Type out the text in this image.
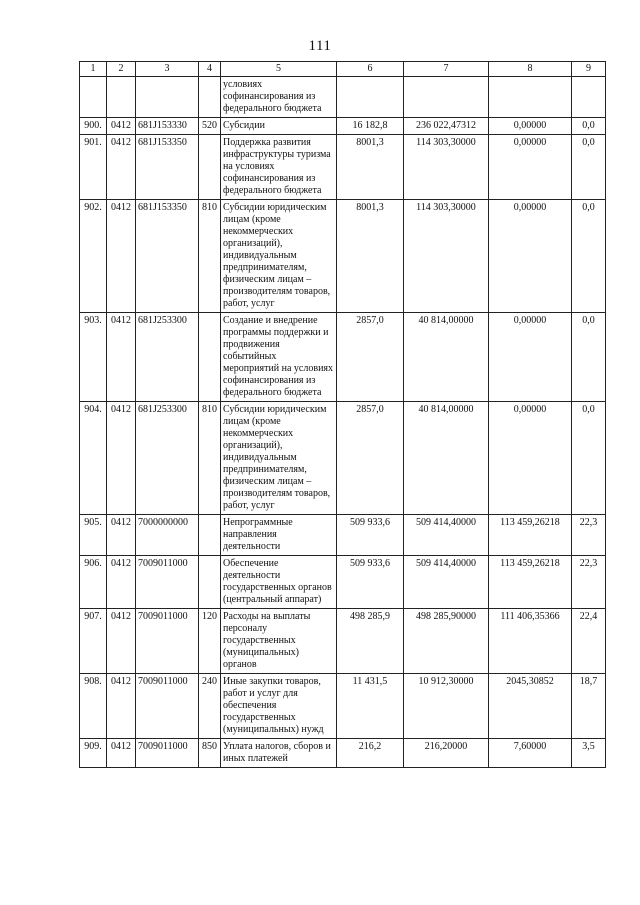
111
1	2	3	4	5	6	7	8	9
				условиях софинансирования из федерального бюджета				
900.	0412	681J153330	520	Субсидии	16 182,8	236 022,47312	0,00000	0,0
901.	0412	681J153350		Поддержка развития инфраструктуры туризма на условиях софинансирования из федерального бюджета	8001,3	114 303,30000	0,00000	0,0
902.	0412	681J153350	810	Субсидии юридическим лицам (кроме некоммерческих организаций), индивидуальным предпринимателям, физическим лицам – производителям товаров, работ, услуг	8001,3	114 303,30000	0,00000	0,0
903.	0412	681J253300		Создание и внедрение программы поддержки и продвижения событийных мероприятий на условиях софинансирования из федерального бюджета	2857,0	40 814,00000	0,00000	0,0
904.	0412	681J253300	810	Субсидии юридическим лицам (кроме некоммерческих организаций), индивидуальным предпринимателям, физическим лицам – производителям товаров, работ, услуг	2857,0	40 814,00000	0,00000	0,0
905.	0412	7000000000		Непрограммные направления деятельности	509 933,6	509 414,40000	113 459,26218	22,3
906.	0412	7009011000		Обеспечение деятельности государственных органов (центральный аппарат)	509 933,6	509 414,40000	113 459,26218	22,3
907.	0412	7009011000	120	Расходы на выплаты персоналу государственных (муниципальных) органов	498 285,9	498 285,90000	111 406,35366	22,4
908.	0412	7009011000	240	Иные закупки товаров, работ и услуг для обеспечения государственных (муниципальных) нужд	11 431,5	10 912,30000	2045,30852	18,7
909.	0412	7009011000	850	Уплата налогов, сборов и иных платежей	216,2	216,20000	7,60000	3,5
